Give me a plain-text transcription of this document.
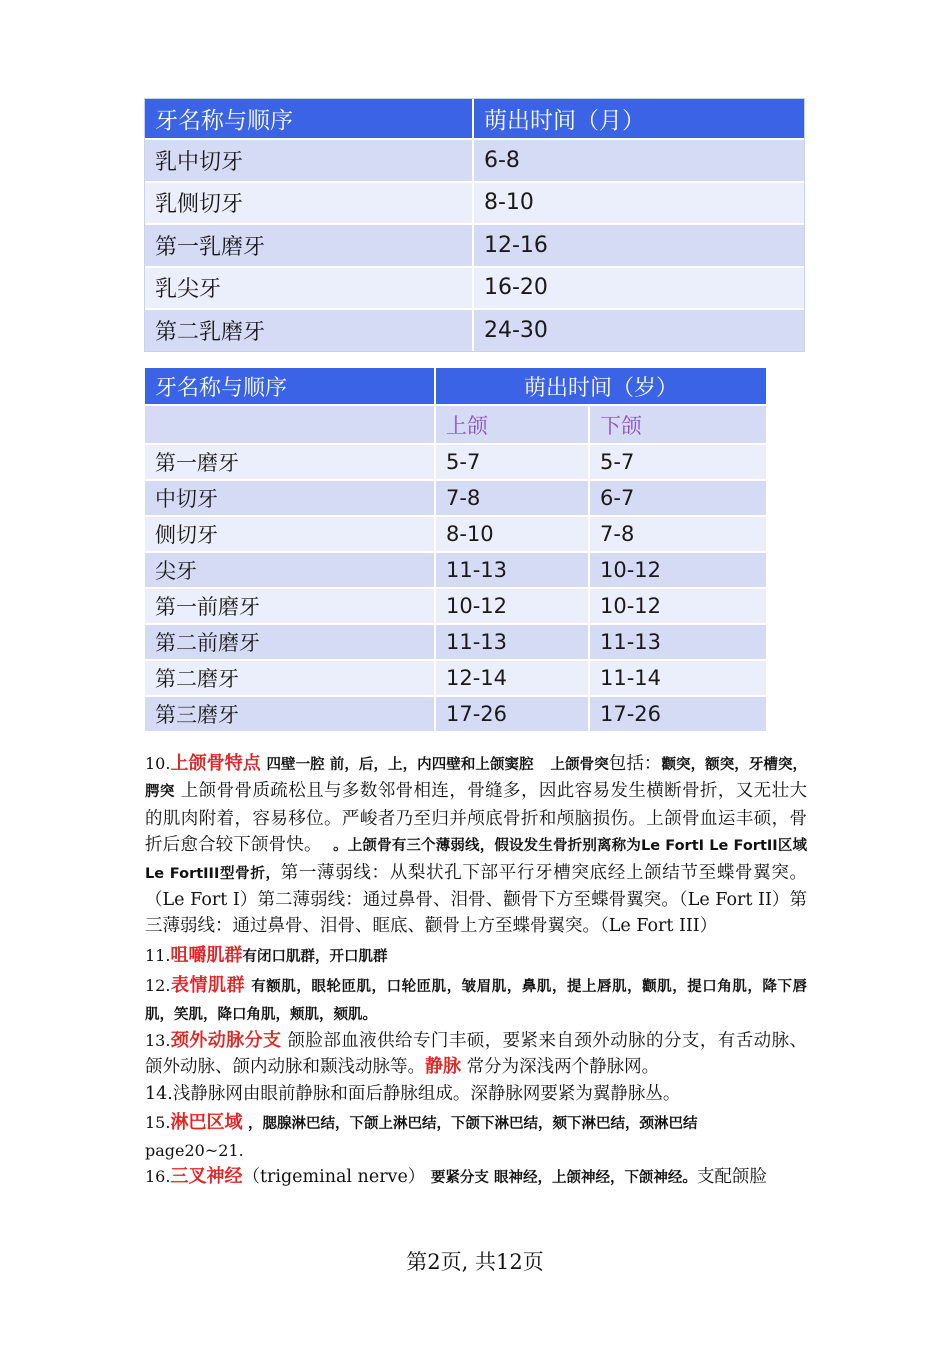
牙名称与顺序	萌出时间（月）
乳中切牙	6-8
乳侧切牙	8-10
第一乳磨牙	12-16
乳尖牙	16-20
第二乳磨牙	24-30
牙名称与顺序	萌出时间（岁）	
	上颌	下颌
第一磨牙	5-7	5-7
中切牙	7-8	6-7
侧切牙	8-10	7-8
尖牙	11-13	10-12
第一前磨牙	10-12	10-12
第二前磨牙	11-13	11-13
第二磨牙	12-14	11-14
第三磨牙	17-26	17-26

10.上颌骨特点 四壁一腔 前，后，上，内四壁和上颌窦腔 上颌骨突包括：颧突，额突，牙槽突，腭突 上颌骨骨质疏松且与多数邻骨相连，骨缝多，因此容易发生横断骨折，又无壮大的肌肉附着，容易移位。严峻者乃至归并颅底骨折和颅脑损伤。上颌骨血运丰硕，骨折后愈合较下颌骨快。 。上颌骨有三个薄弱线，假设发生骨折别离称为Le FortI Le FortII区域 Le FortIII型骨折，第一薄弱线：从梨状孔下部平行牙槽突底经上颌结节至蝶骨翼突。（Le Fort I）第二薄弱线：通过鼻骨、泪骨、颧骨下方至蝶骨翼突。（Le Fort II）第三薄弱线：通过鼻骨、泪骨、眶底、颧骨上方至蝶骨翼突。（Le Fort III）

11.咀嚼肌群有闭口肌群，开口肌群

12.表情肌群 有额肌，眼轮匝肌，口轮匝肌，皱眉肌，鼻肌，提上唇肌，颧肌，提口角肌，降下唇肌，笑肌，降口角肌，颊肌，颏肌。

13.颈外动脉分支 颌脸部血液供给专门丰硕，要紧来自颈外动脉的分支，有舌动脉、颌外动脉、颌内动脉和颞浅动脉等。静脉 常分为深浅两个静脉网。

14.浅静脉网由眼前静脉和面后静脉组成。深静脉网要紧为翼静脉丛。

15.淋巴区域 ，腮腺淋巴结，下颌上淋巴结，下颌下淋巴结，颏下淋巴结，颈淋巴结
page20~21.

16.三叉神经（trigeminal nerve） 要紧分支 眼神经，上颌神经，下颌神经。支配颌脸

第2页, 共12页
